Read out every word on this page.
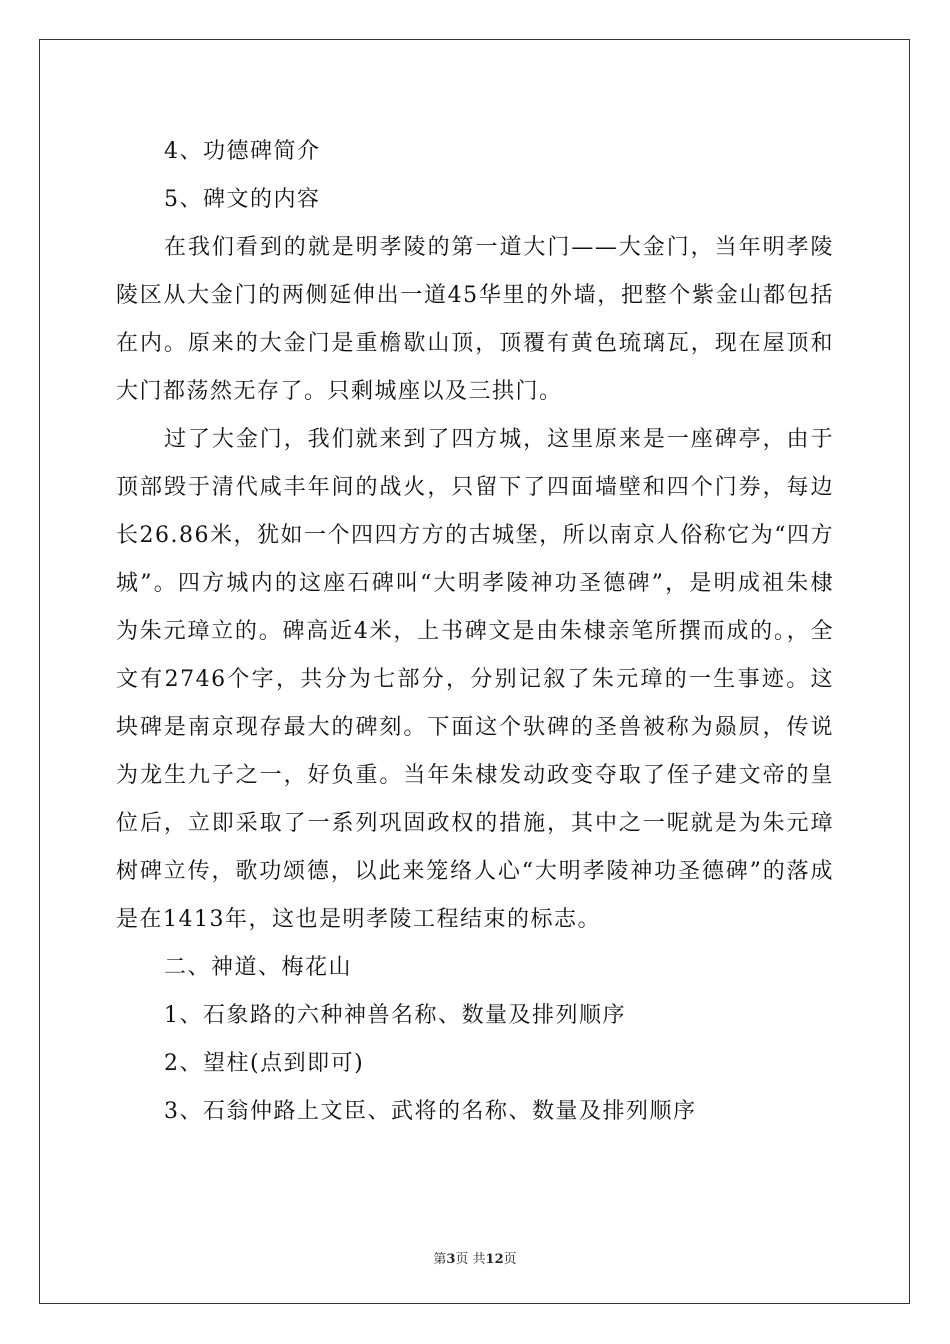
4、功德碑简介
5、碑文的内容
在我们看到的就是明孝陵的第一道大门——大金门，当年明孝陵陵区从大金门的两侧延伸出一道45华里的外墙，把整个紫金山都包括在内。原来的大金门是重檐歇山顶，顶覆有黄色琉璃瓦，现在屋顶和大门都荡然无存了。只剩城座以及三拱门。
过了大金门，我们就来到了四方城，这里原来是一座碑亭，由于顶部毁于清代咸丰年间的战火，只留下了四面墙壁和四个门券，每边长26.86米，犹如一个四四方方的古城堡，所以南京人俗称它为“四方城”。四方城内的这座石碑叫“大明孝陵神功圣德碑”，是明成祖朱棣为朱元璋立的。碑高近4米，上书碑文是由朱棣亲笔所撰而成的。，全文有2746个字，共分为七部分，分别记叙了朱元璋的一生事迹。这块碑是南京现存最大的碑刻。下面这个驮碑的圣兽被称为赑屃，传说为龙生九子之一，好负重。当年朱棣发动政变夺取了侄子建文帝的皇位后，立即采取了一系列巩固政权的措施，其中之一呢就是为朱元璋树碑立传，歌功颂德，以此来笼络人心“大明孝陵神功圣德碑”的落成是在1413年，这也是明孝陵工程结束的标志。
二、神道、梅花山
1、石象路的六种神兽名称、数量及排列顺序
2、望柱(点到即可)
3、石翁仲路上文臣、武将的名称、数量及排列顺序
第3页 共12页
